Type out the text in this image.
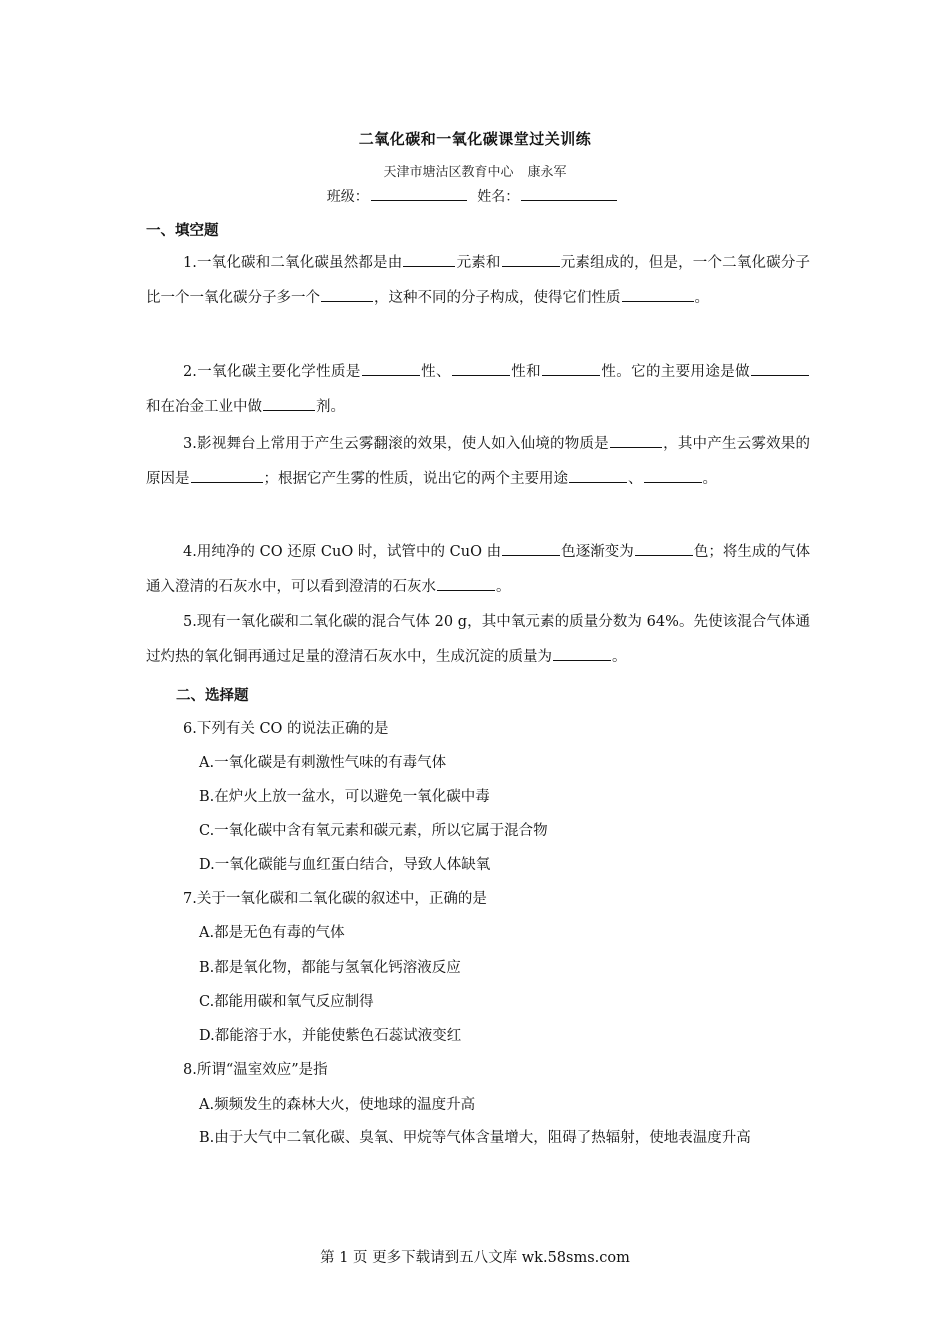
二氧化碳和一氧化碳课堂过关训练
天津市塘沽区教育中心 康永军
班级：	姓名：
一、填空题
1.一氧化碳和二氧化碳虽然都是由	元素和	元素组成的，但是，一个二氧化碳分子比一个一氧化碳分子多一个	，这种不同的分子构成，使得它们性质	。
2.一氧化碳主要化学性质是	性、	性和	性。它的主要用途是做和在冶金工业中做	剂。
3.影视舞台上常用于产生云雾翻滚的效果，使人如入仙境的物质是	，其中产生云雾效果的原因是	；根据它产生雾的性质，说出它的两个主要用途	、	。
4.用纯净的 CO 还原 CuO 时，试管中的 CuO 由	色逐渐变为	色；将生成的气体通入澄清的石灰水中，可以看到澄清的石灰水	。
5.现有一氧化碳和二氧化碳的混合气体 20 g，其中氧元素的质量分数为 64%。先使该混合气体通过灼热的氧化铜再通过足量的澄清石灰水中，生成沉淀的质量为	。
二、选择题
6.下列有关 CO 的说法正确的是
A.一氧化碳是有刺激性气味的有毒气体
B.在炉火上放一盆水，可以避免一氧化碳中毒
C.一氧化碳中含有氧元素和碳元素，所以它属于混合物
D.一氧化碳能与血红蛋白结合，导致人体缺氧
7.关于一氧化碳和二氧化碳的叙述中，正确的是
A.都是无色有毒的气体
B.都是氧化物，都能与氢氧化钙溶液反应
C.都能用碳和氧气反应制得
D.都能溶于水，并能使紫色石蕊试液变红
8.所谓“温室效应”是指
A.频频发生的森林大火，使地球的温度升高
B.由于大气中二氧化碳、臭氧、甲烷等气体含量增大，阻碍了热辐射，使地表温度升高
第 1 页 更多下载请到五八文库 wk.58sms.com
